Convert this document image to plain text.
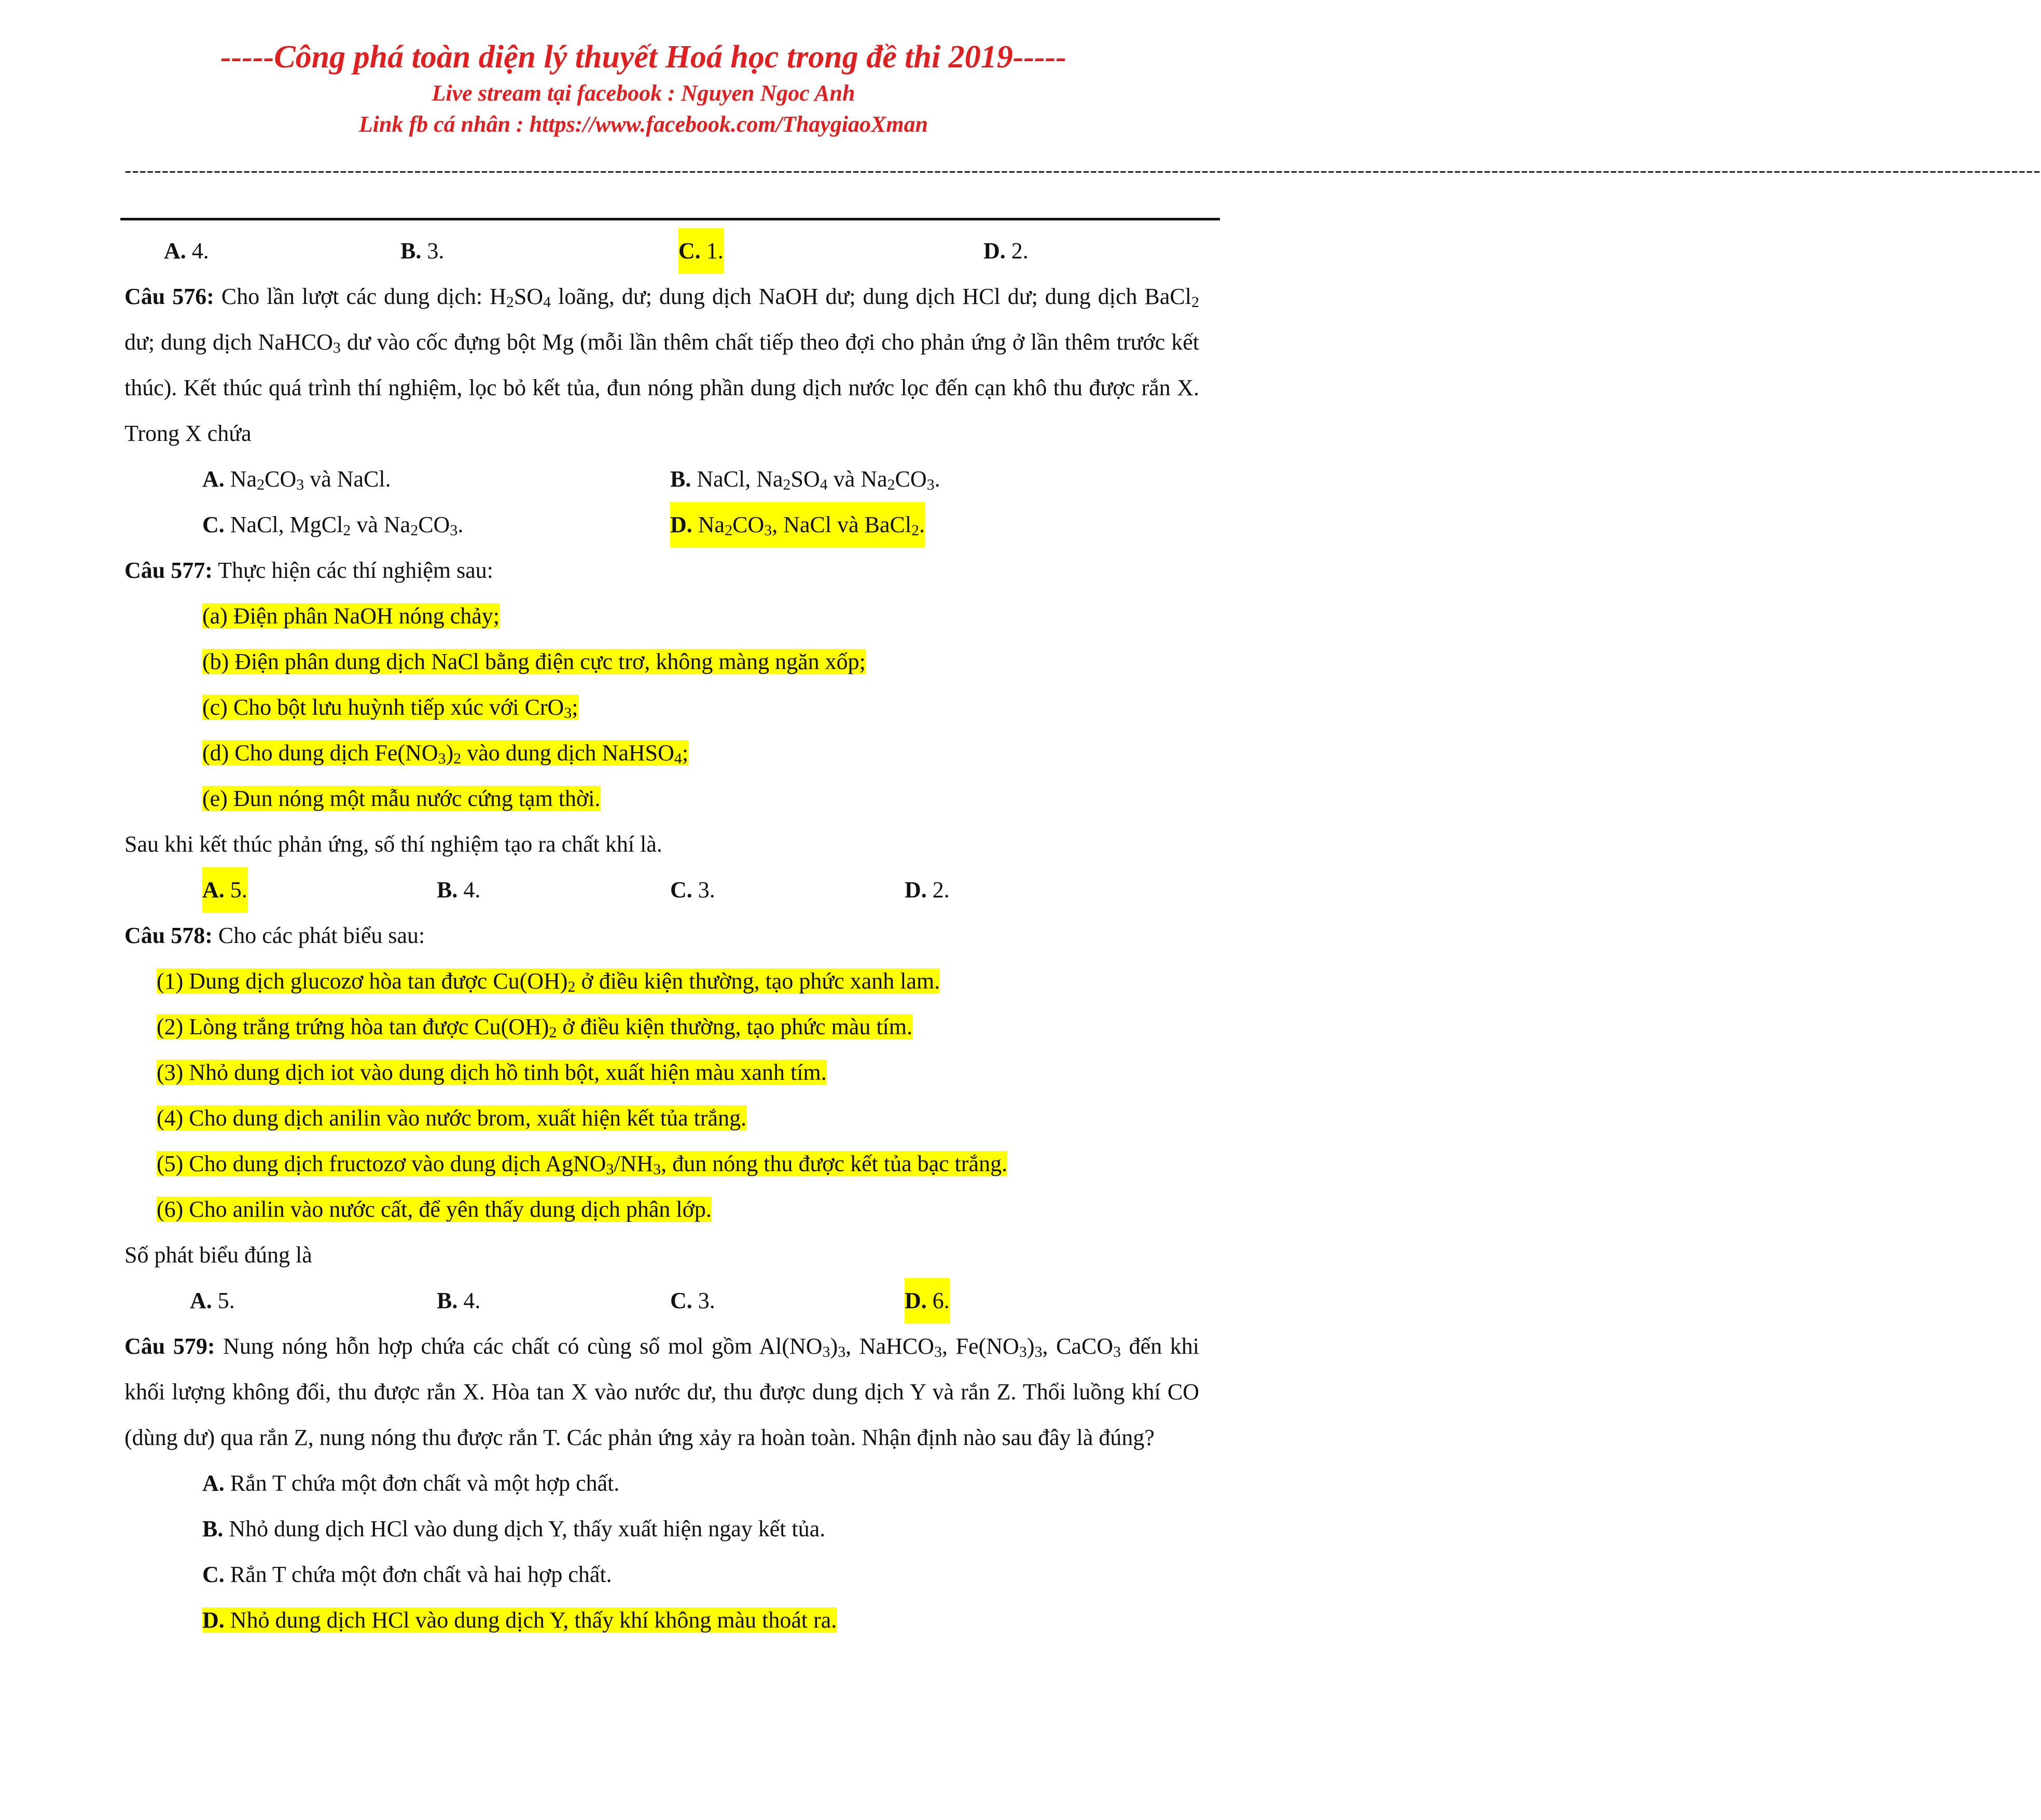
-----Công phá toàn diện lý thuyết Hoá học trong đề thi 2019-----
Live stream tại facebook : Nguyen Ngoc Anh
Link fb cá nhân : https://www.facebook.com/ThaygiaoXman
------------------------------------------------------------------------------------------------------------------------------------------------------------------------------------------------------------------------------------------------------------------
A. 4.	B. 3.	C. 1.	D. 2.
Câu 576: Cho lần lượt các dung dịch: $H_2SO_4$ loãng, dư; dung dịch NaOH dư; dung dịch HCl dư; dung dịch BaCl$_2$ dư; dung dịch NaHCO$_3$ dư vào cốc đựng bột Mg (mỗi lần thêm chất tiếp theo đợi cho phản ứng ở lần thêm trước kết thúc). Kết thúc quá trình thí nghiệm, lọc bỏ kết tủa, đun nóng phần dung dịch nước lọc đến cạn khô thu được rắn X. Trong X chứa
A. $Na_2CO_3$ và NaCl.	B. NaCl, $Na_2SO_4$ và $Na_2CO_3$.
C. NaCl, MgCl$_2$ và $Na_2CO_3$.	D. $Na_2CO_3$, NaCl và BaCl$_2$.
Câu 577: Thực hiện các thí nghiệm sau:
(a) Điện phân NaOH nóng chảy;
(b) Điện phân dung dịch NaCl bằng điện cực trơ, không màng ngăn xốp;
(c) Cho bột lưu huỳnh tiếp xúc với CrO$_3$;
(d) Cho dung dịch $Fe(NO_3)_2$ vào dung dịch NaHSO$_4$;
(e) Đun nóng một mẫu nước cứng tạm thời.
Sau khi kết thúc phản ứng, số thí nghiệm tạo ra chất khí là.
A. 5.	B. 4.	C. 3.	D. 2.
Câu 578: Cho các phát biểu sau:
(1) Dung dịch glucozơ hòa tan được $Cu(OH)_2$ ở điều kiện thường, tạo phức xanh lam.
(2) Lòng trắng trứng hòa tan được $Cu(OH)_2$ ở điều kiện thường, tạo phức màu tím.
(3) Nhỏ dung dịch iot vào dung dịch hồ tinh bột, xuất hiện màu xanh tím.
(4) Cho dung dịch anilin vào nước brom, xuất hiện kết tủa trắng.
(5) Cho dung dịch fructozơ vào dung dịch $AgNO_3/NH_3$, đun nóng thu được kết tủa bạc trắng.
(6) Cho anilin vào nước cất, để yên thấy dung dịch phân lớp.
Số phát biểu đúng là
A. 5.	B. 4.	C. 3.	D. 6.
Câu 579: Nung nóng hỗn hợp chứa các chất có cùng số mol gồm $Al(NO_3)_3$, NaHCO$_3$, $Fe(NO_3)_3$, CaCO$_3$ đến khi khối lượng không đổi, thu được rắn X. Hòa tan X vào nước dư, thu được dung dịch Y và rắn Z. Thổi luồng khí CO (dùng dư) qua rắn Z, nung nóng thu được rắn T. Các phản ứng xảy ra hoàn toàn. Nhận định nào sau đây là đúng?
A. Rắn T chứa một đơn chất và một hợp chất.
B. Nhỏ dung dịch HCl vào dung dịch Y, thấy xuất hiện ngay kết tủa.
C. Rắn T chứa một đơn chất và hai hợp chất.
D. Nhỏ dung dịch HCl vào dung dịch Y, thấy khí không màu thoát ra.
